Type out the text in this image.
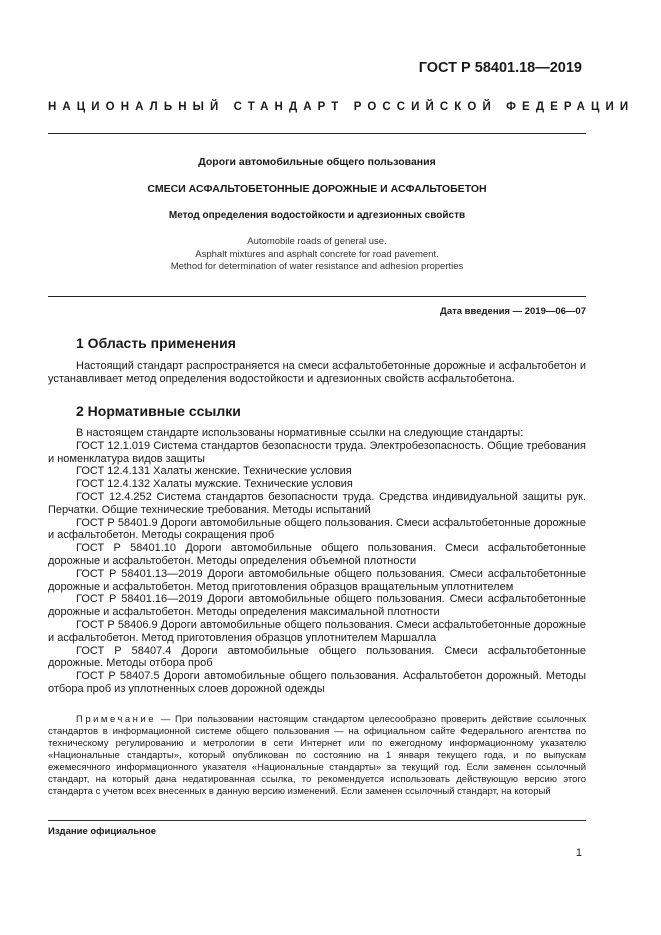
ГОСТ Р 58401.18—2019
НАЦИОНАЛЬНЫЙ СТАНДАРТ РОССИЙСКОЙ ФЕДЕРАЦИИ
Дороги автомобильные общего пользования
СМЕСИ АСФАЛЬТОБЕТОННЫЕ ДОРОЖНЫЕ И АСФАЛЬТОБЕТОН
Метод определения водостойкости и адгезионных свойств
Automobile roads of general use.
Asphalt mixtures and asphalt concrete for road pavement.
Method for determination of water resistance and adhesion properties
Дата введения — 2019—06—07
1 Область применения

Настоящий стандарт распространяется на смеси асфальтобетонные дорожные и асфальтобетон и устанавливает метод определения водостойкости и адгезионных свойств асфальтобетона.

2 Нормативные ссылки

В настоящем стандарте использованы нормативные ссылки на следующие стандарты:

ГОСТ 12.1.019 Система стандартов безопасности труда. Электробезопасность. Общие требования и номенклатура видов защиты

ГОСТ 12.4.131 Халаты женские. Технические условия

ГОСТ 12.4.132 Халаты мужские. Технические условия

ГОСТ 12.4.252 Система стандартов безопасности труда. Средства индивидуальной защиты рук. Перчатки. Общие технические требования. Методы испытаний

ГОСТ Р 58401.9 Дороги автомобильные общего пользования. Смеси асфальтобетонные дорожные и асфальтобетон. Методы сокращения проб

ГОСТ Р 58401.10 Дороги автомобильные общего пользования. Смеси асфальтобетонные дорожные и асфальтобетон. Методы определения объемной плотности

ГОСТ Р 58401.13—2019 Дороги автомобильные общего пользования. Смеси асфальтобетонные дорожные и асфальтобетон. Метод приготовления образцов вращательным уплотнителем

ГОСТ Р 58401.16—2019 Дороги автомобильные общего пользования. Смеси асфальтобетонные дорожные и асфальтобетон. Методы определения максимальной плотности

ГОСТ Р 58406.9 Дороги автомобильные общего пользования. Смеси асфальтобетонные дорожные и асфальтобетон. Метод приготовления образцов уплотнителем Маршалла

ГОСТ Р 58407.4 Дороги автомобильные общего пользования. Смеси асфальтобетонные дорожные. Методы отбора проб

ГОСТ Р 58407.5 Дороги автомобильные общего пользования. Асфальтобетон дорожный. Методы отбора проб из уплотненных слоев дорожной одежды

Примечание — При пользовании настоящим стандартом целесообразно проверить действие ссылочных стандартов в информационной системе общего пользования — на официальном сайте Федерального агентства по техническому регулированию и метрологии в сети Интернет или по ежегодному информационному указателю «Национальные стандарты», который опубликован по состоянию на 1 января текущего года, и по выпускам ежемесячного информационного указателя «Национальные стандарты» за текущий год. Если заменен ссылочный стандарт, на который дана недатированная ссылка, то рекомендуется использовать действующую версию этого стандарта с учетом всех внесенных в данную версию изменений. Если заменен ссылочный стандарт, на который
Издание официальное
1
